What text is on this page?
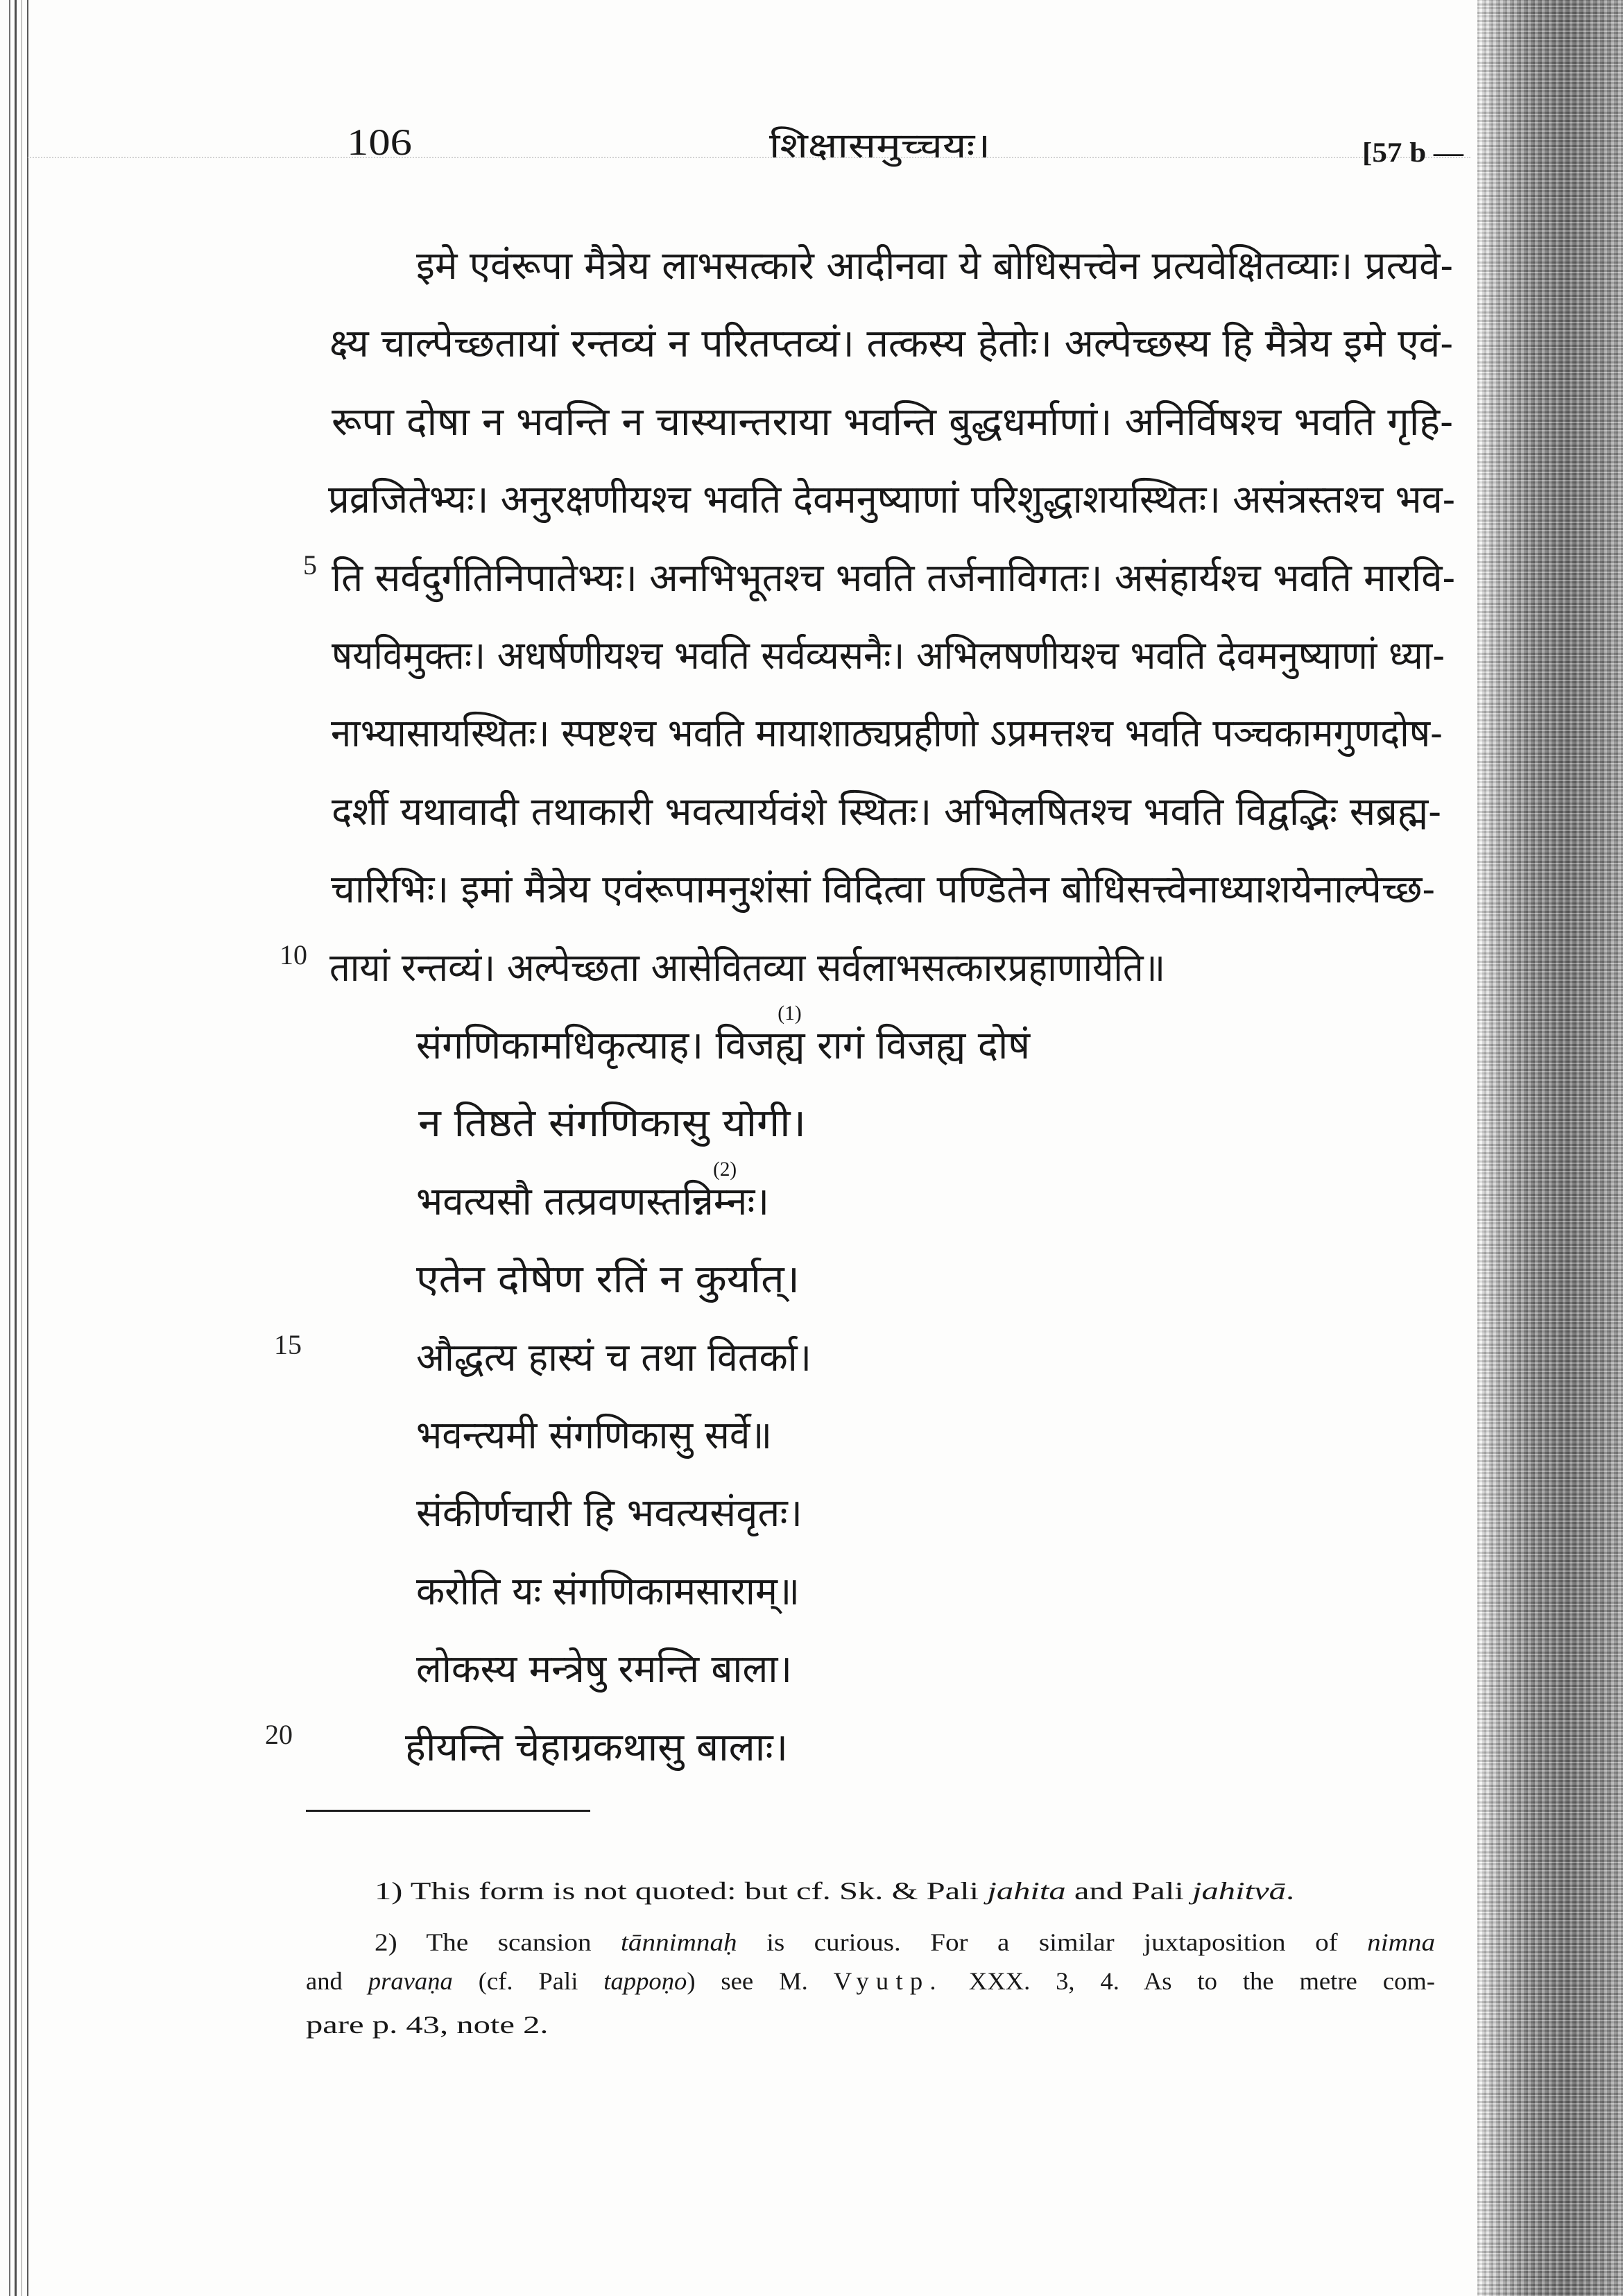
106	शिक्षासमुच्चयः।	[57 b —
इमे एवंरूपा मैत्रेय लाभसत्कारे आदीनवा ये बोधिसत्त्वेन प्रत्यवेक्षितव्याः। प्रत्यवे-
क्ष्य चाल्पेच्छतायां रन्तव्यं न परितप्तव्यं। तत्कस्य हेतोः। अल्पेच्छस्य हि मैत्रेय इमे एवं-
रूपा दोषा न भवन्ति न चास्यान्तराया भवन्ति बुद्धधर्माणां। अनिर्विषश्च भवति गृहि-
प्रव्रजितेभ्यः। अनुरक्षणीयश्च भवति देवमनुष्याणां परिशुद्धाशयस्थितः। असंत्रस्तश्च भव-
ति सर्वदुर्गतिनिपातेभ्यः। अनभिभूतश्च भवति तर्जनाविगतः। असंहार्यश्च भवति मारवि-
षयविमुक्तः। अधर्षणीयश्च भवति सर्वव्यसनैः। अभिलषणीयश्च भवति देवमनुष्याणां ध्या-
नाभ्यासायस्थितः। स्पष्टश्च भवति मायाशाठ्यप्रहीणो ऽप्रमत्तश्च भवति पञ्चकामगुणदोष-
दर्शी यथावादी तथाकारी भवत्यार्यवंशे स्थितः। अभिलषितश्च भवति विद्वद्भिः सब्रह्म-
चारिभिः। इमां मैत्रेय एवंरूपामनुशंसां विदित्वा पण्डितेन बोधिसत्त्वेनाध्याशयेनाल्पेच्छ-
तायां रन्तव्यं। अल्पेच्छता आसेवितव्या सर्वलाभसत्कारप्रहाणायेति॥
संगणिकामधिकृत्याह। विजह्य
(1)
रागं विजह्य दोषं
न तिष्ठते संगणिकासु योगी।
भवत्यसौ तत्प्रवणस्तन्निम्नः
(2)
।
एतेन दोषेण रतिं न कुर्यात्।
औद्धत्य हास्यं च तथा वितर्का।
भवन्त्यमी संगणिकासु सर्वे॥
संकीर्णचारी हि भवत्यसंवृतः।
करोति यः संगणिकामसाराम्॥
लोकस्य मन्त्रेषु रमन्ति बाला।
हीयन्ति चेहाग्रकथासु बालाः।
5
10
15
20
1) This form is not quoted: but cf. Sk. & Pali jahita and Pali jahitvā.
2) The scansion tānnimnaḥ is curious. For a similar juxtaposition of nimna
and pravaṇa (cf. Pali tappoṇo) see M. Vyutp. XXX. 3, 4. As to the metre com-
pare p. 43, note 2.
